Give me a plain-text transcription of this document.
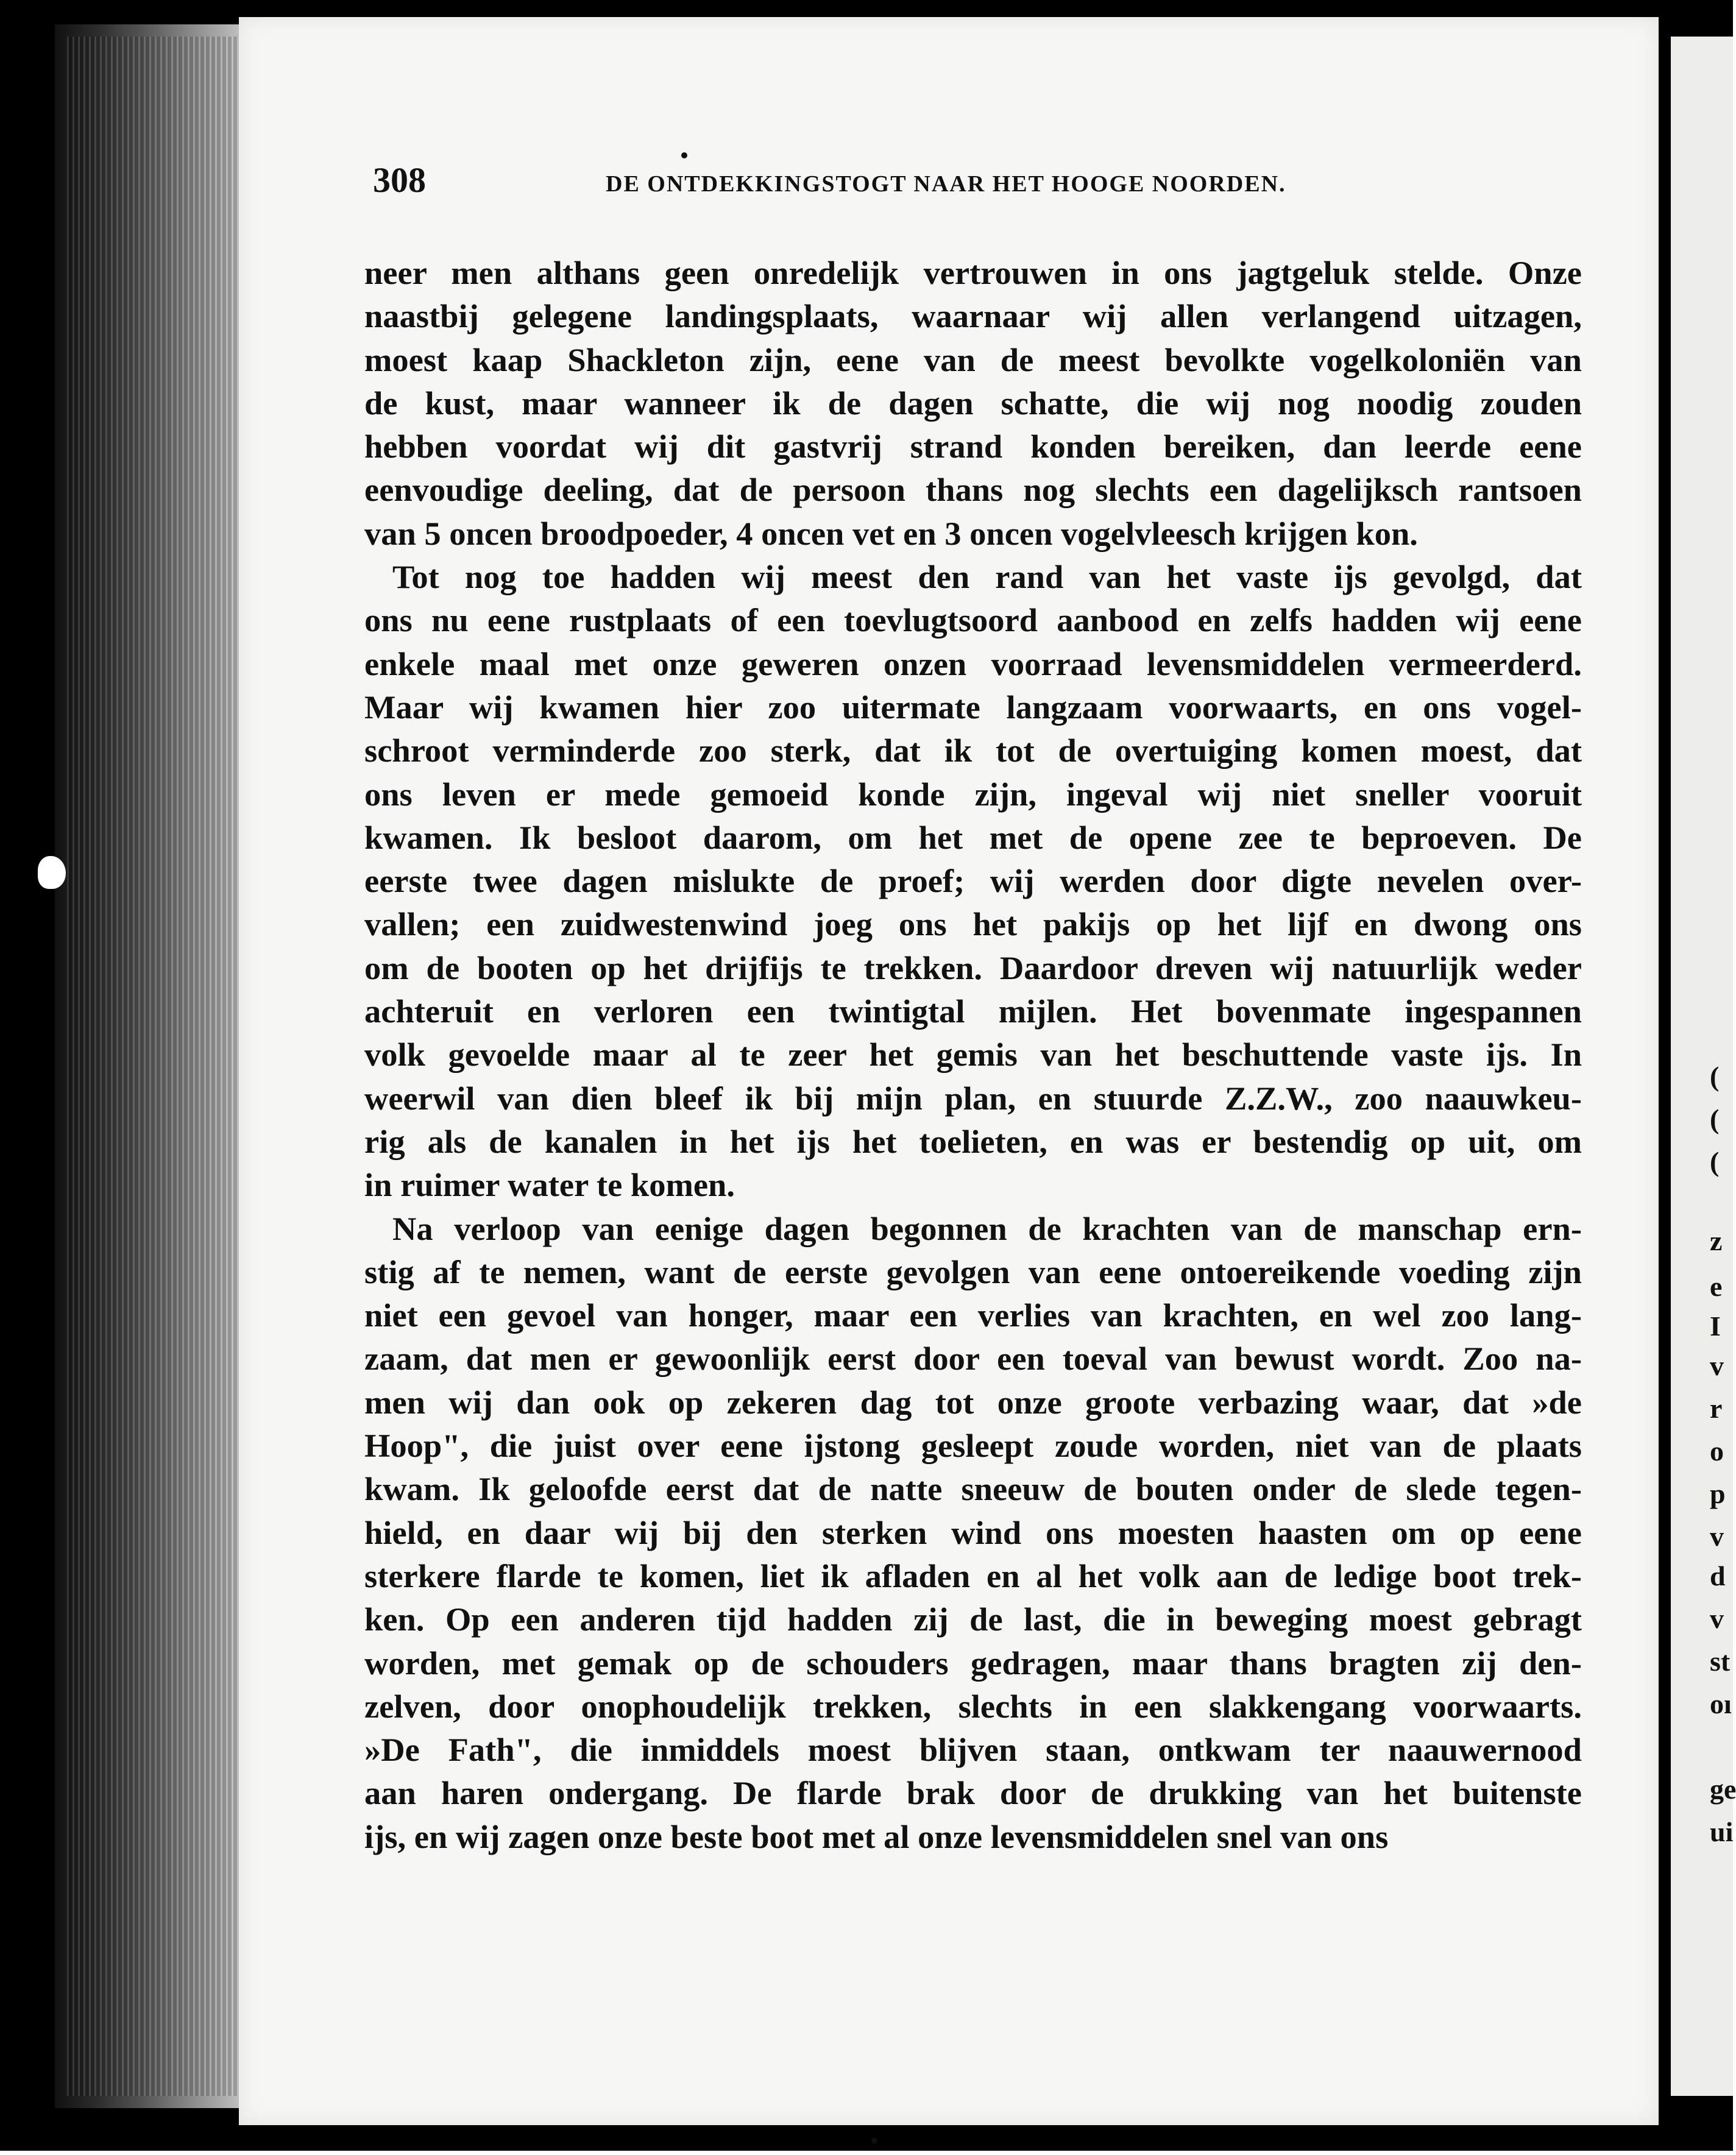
308	DE ONTDEKKINGSTOGT NAAR HET HOOGE NOORDEN.
neer men althans geen onredelijk vertrouwen in ons jagtgeluk stelde. Onze
naastbij gelegene landingsplaats, waarnaar wij allen verlangend uitzagen,
moest kaap Shackleton zijn, eene van de meest bevolkte vogelkoloniën van
de kust, maar wanneer ik de dagen schatte, die wij nog noodig zouden
hebben voordat wij dit gastvrij strand konden bereiken, dan leerde eene
eenvoudige deeling, dat de persoon thans nog slechts een dagelijksch rantsoen
van 5 oncen broodpoeder, 4 oncen vet en 3 oncen vogelvleesch krijgen kon.
Tot nog toe hadden wij meest den rand van het vaste ijs gevolgd, dat
ons nu eene rustplaats of een toevlugtsoord aanbood en zelfs hadden wij eene
enkele maal met onze geweren onzen voorraad levensmiddelen vermeerderd.
Maar wij kwamen hier zoo uitermate langzaam voorwaarts, en ons vogel-
schroot verminderde zoo sterk, dat ik tot de overtuiging komen moest, dat
ons leven er mede gemoeid konde zijn, ingeval wij niet sneller vooruit
kwamen. Ik besloot daarom, om het met de opene zee te beproeven. De
eerste twee dagen mislukte de proef; wij werden door digte nevelen over-
vallen; een zuidwestenwind joeg ons het pakijs op het lijf en dwong ons
om de booten op het drijfijs te trekken. Daardoor dreven wij natuurlijk weder
achteruit en verloren een twintigtal mijlen. Het bovenmate ingespannen
volk gevoelde maar al te zeer het gemis van het beschuttende vaste ijs. In
weerwil van dien bleef ik bij mijn plan, en stuurde Z.Z.W., zoo naauwkeu-
rig als de kanalen in het ijs het toelieten, en was er bestendig op uit, om
in ruimer water te komen.
Na verloop van eenige dagen begonnen de krachten van de manschap ern-
stig af te nemen, want de eerste gevolgen van eene ontoereikende voeding zijn
niet een gevoel van honger, maar een verlies van krachten, en wel zoo lang-
zaam, dat men er gewoonlijk eerst door een toeval van bewust wordt. Zoo na-
men wij dan ook op zekeren dag tot onze groote verbazing waar, dat »de
Hoop", die juist over eene ijstong gesleept zoude worden, niet van de plaats
kwam. Ik geloofde eerst dat de natte sneeuw de bouten onder de slede tegen-
hield, en daar wij bij den sterken wind ons moesten haasten om op eene
sterkere flarde te komen, liet ik afladen en al het volk aan de ledige boot trek-
ken. Op een anderen tijd hadden zij de last, die in beweging moest gebragt
worden, met gemak op de schouders gedragen, maar thans bragten zij den-
zelven, door onophoudelijk trekken, slechts in een slakkengang voorwaarts.
»De Fath", die inmiddels moest blijven staan, ontkwam ter naauwernood
aan haren ondergang. De flarde brak door de drukking van het buitenste
ijs, en wij zagen onze beste boot met al onze levensmiddelen snel van ons
(
(
(
z
e
I
v
r
o
p
v
d
v
st
oı
ge
ui
•
